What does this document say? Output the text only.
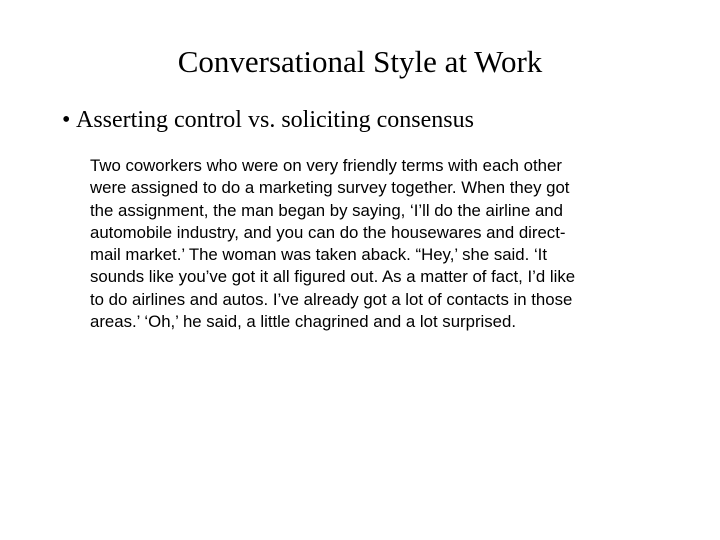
Conversational Style at Work
• Asserting control vs. soliciting consensus
Two coworkers who were on very friendly terms with each other
were assigned to do a marketing survey together. When they got
the assignment, the man began by saying, ‘I’ll do the airline and
automobile industry, and you can do the housewares and direct-
mail market.’ The woman was taken aback. “Hey,’ she said. ‘It
sounds like you’ve got it all figured out. As a matter of fact, I’d like
to do airlines and autos. I’ve already got a lot of contacts in those
areas.’ ‘Oh,’ he said, a little chagrined and a lot surprised.
